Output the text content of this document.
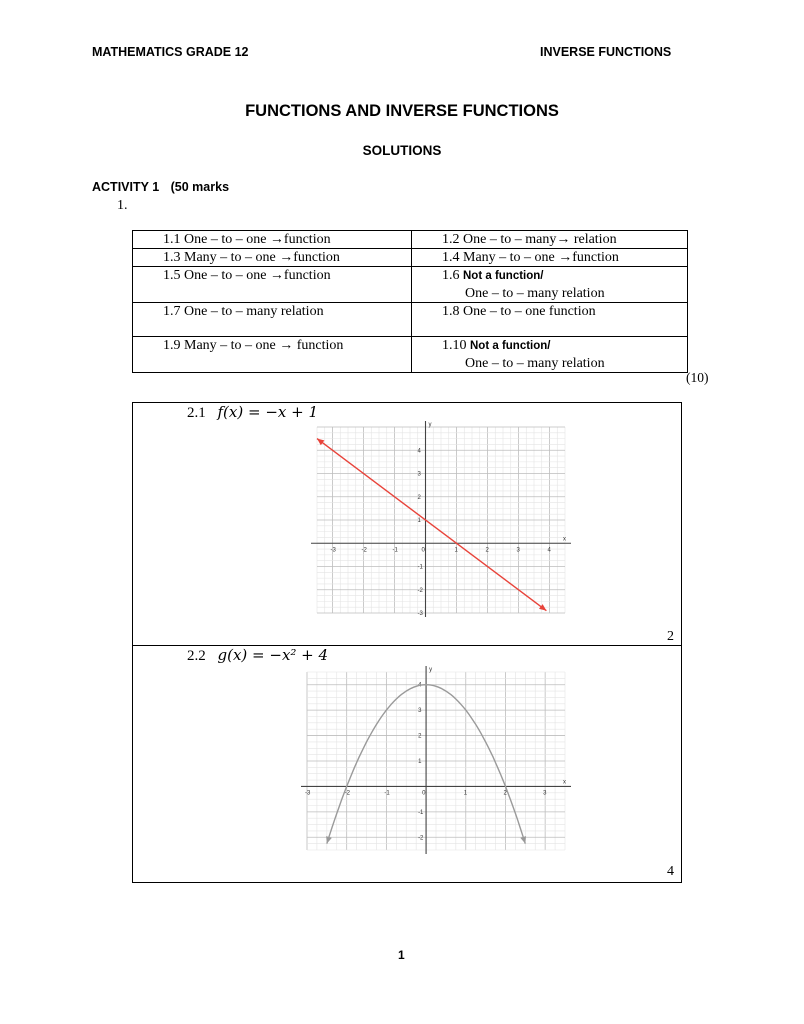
MATHEMATICS GRADE 12	INVERSE FUNCTIONS
FUNCTIONS AND INVERSE FUNCTIONS
SOLUTIONS
ACTIVITY 1 (50 marks
1.
1.1 One – to – one →function	1.2 One – to – many→ relation
1.3 Many – to – one →function	1.4 Many – to – one →function
1.5 One – to – one →function	1.6 Not a function/
One – to – many relation
1.7 One – to – many relation	1.8 One – to – one function
1.9 Many – to – one → function	1.10 Not a function/
One – to – many relation
(10)
2.1 f(x) = −x + 1
-3	-2	-1	0	1	2	3	4
4
3
2
1
-1
-2
-3
x
y
2
2.2 g(x) = −x² + 4
-3	-2	-1	0	1	2	3
4
3
2
1
-1
-2
x
y
4
1
